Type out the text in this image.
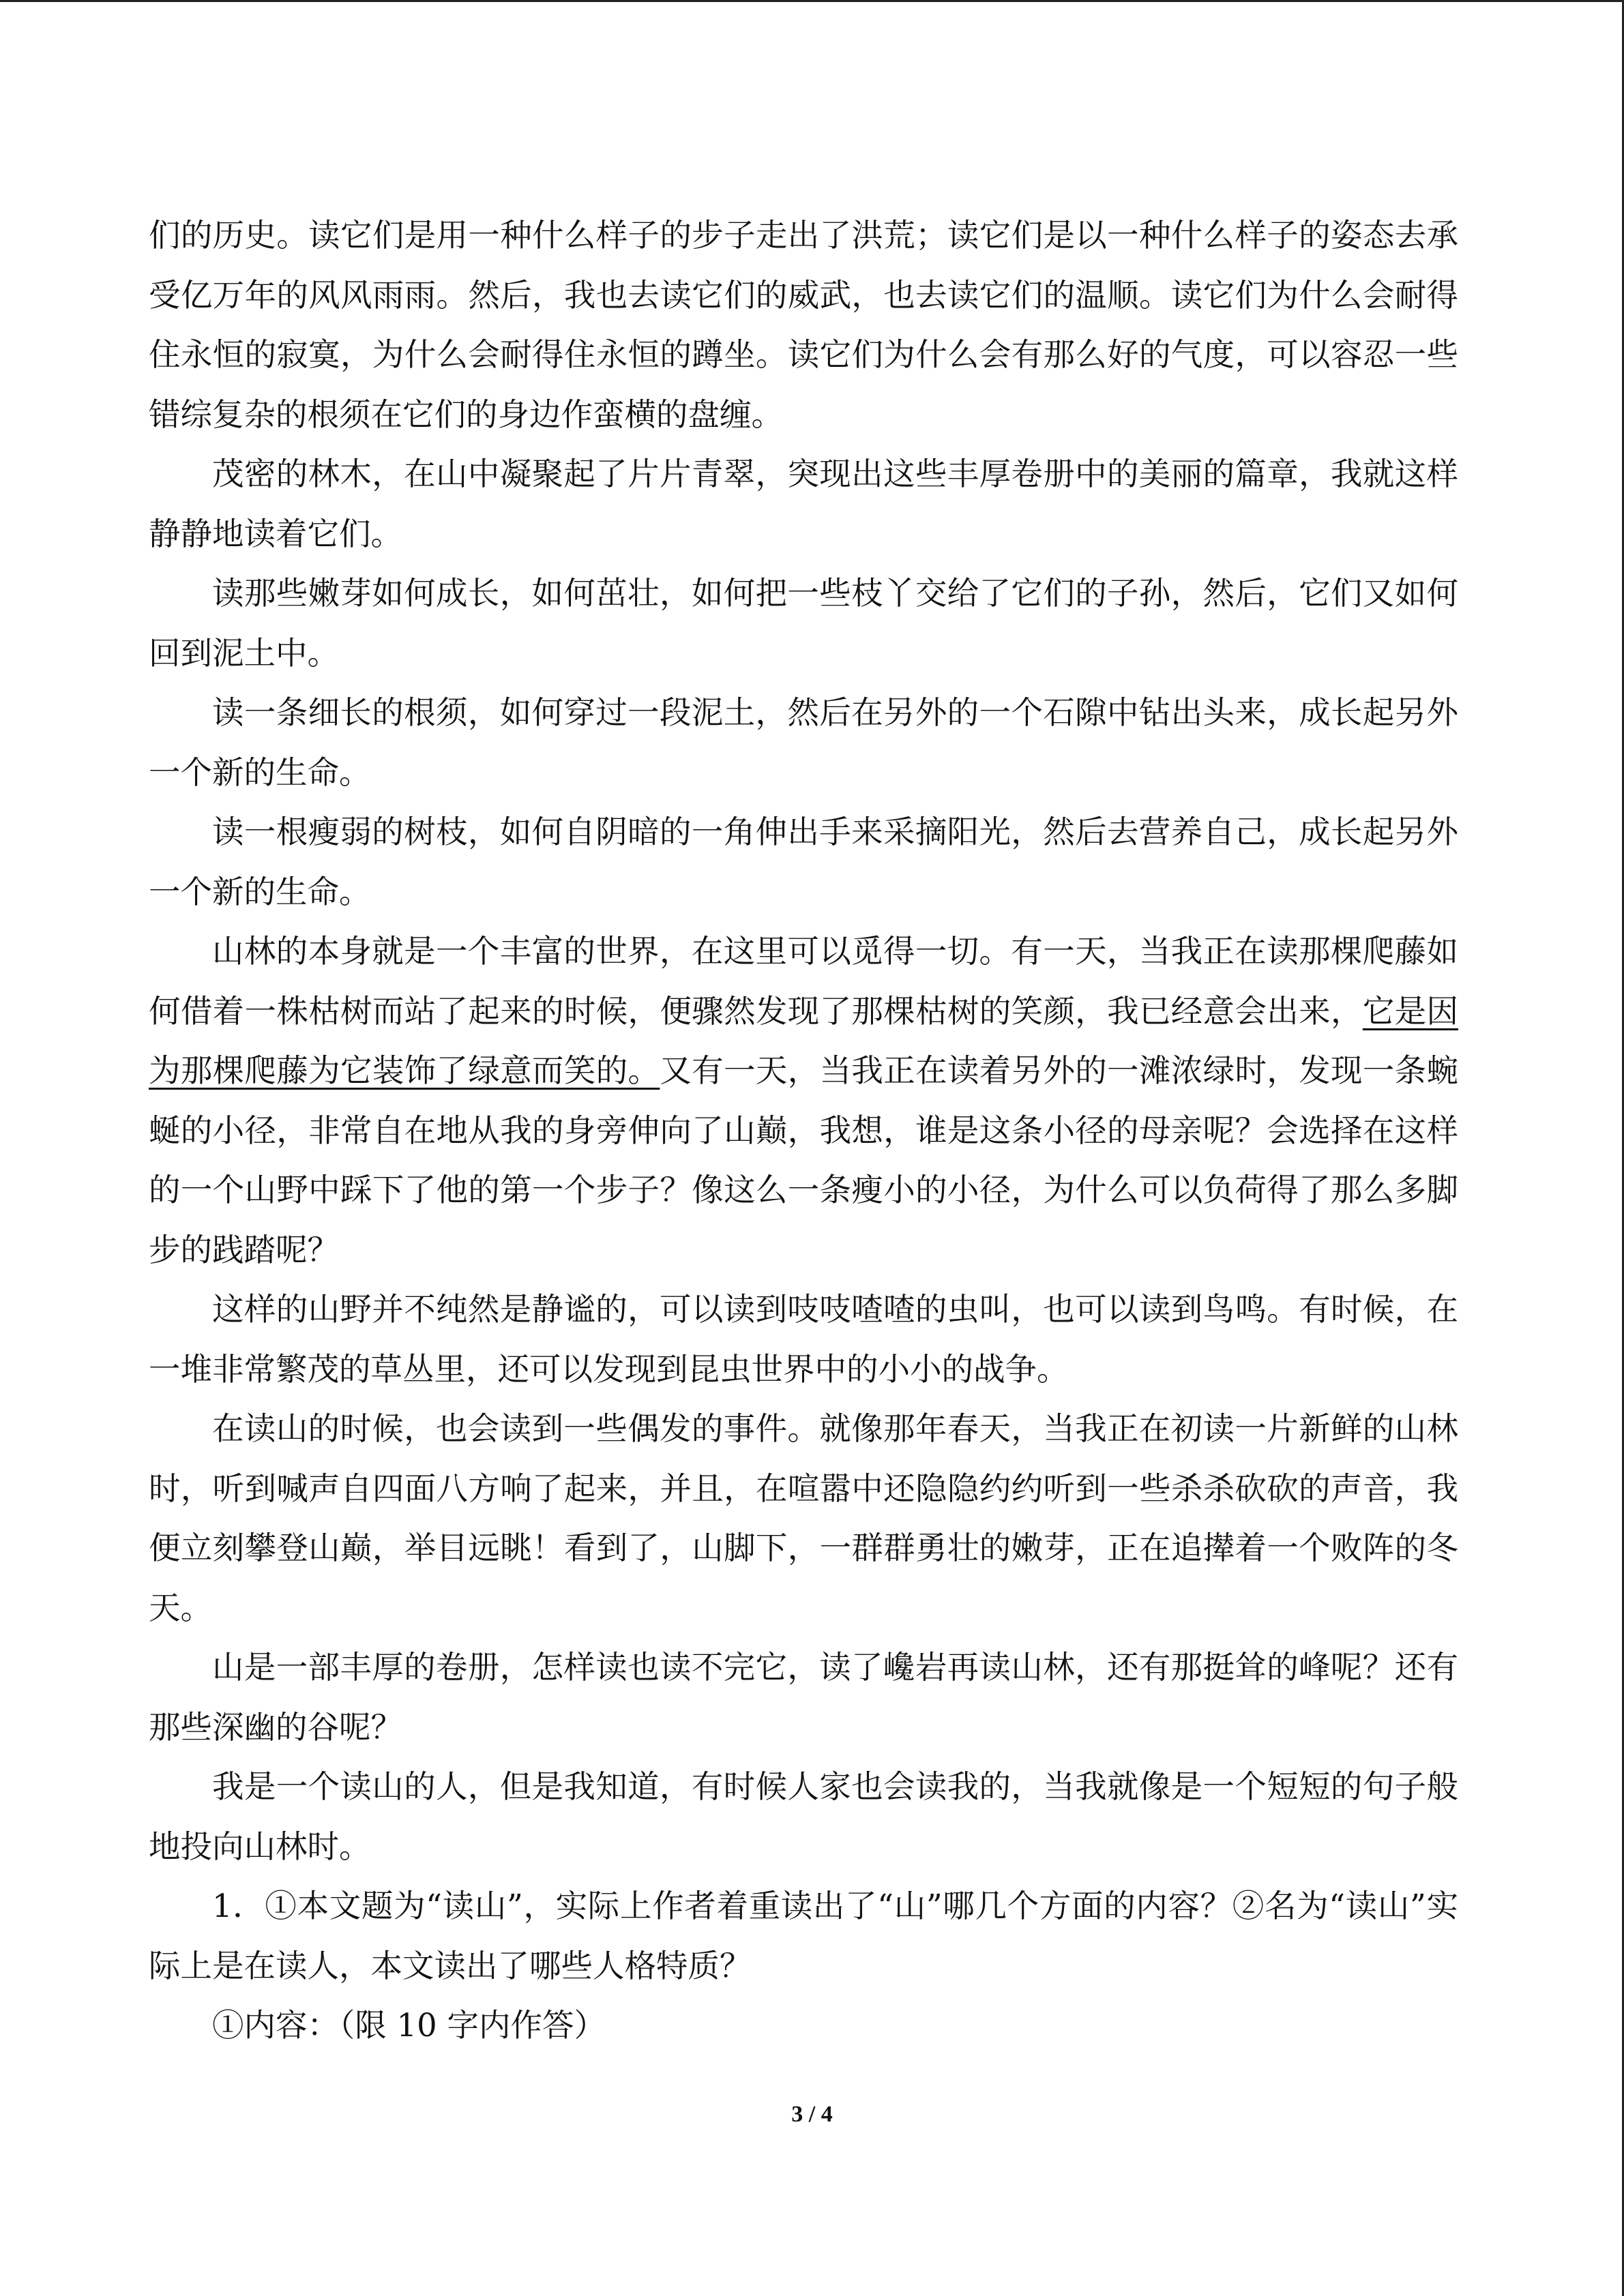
们的历史。读它们是用一种什么样子的步子走出了洪荒；读它们是以一种什么样子的姿态去承受亿万年的风风雨雨。然后，我也去读它们的威武，也去读它们的温顺。读它们为什么会耐得住永恒的寂寞，为什么会耐得住永恒的蹲坐。读它们为什么会有那么好的气度，可以容忍一些错综复杂的根须在它们的身边作蛮横的盘缠。

茂密的林木，在山中凝聚起了片片青翠，突现出这些丰厚卷册中的美丽的篇章，我就这样静静地读着它们。

读那些嫩芽如何成长，如何茁壮，如何把一些枝丫交给了它们的子孙，然后，它们又如何回到泥土中。

读一条细长的根须，如何穿过一段泥土，然后在另外的一个石隙中钻出头来，成长起另外一个新的生命。

读一根瘦弱的树枝，如何自阴暗的一角伸出手来采摘阳光，然后去营养自己，成长起另外一个新的生命。

山林的本身就是一个丰富的世界，在这里可以觅得一切。有一天，当我正在读那棵爬藤如何借着一株枯树而站了起来的时候，便骤然发现了那棵枯树的笑颜，我已经意会出来，它是因为那棵爬藤为它装饰了绿意而笑的。又有一天，当我正在读着另外的一滩浓绿时，发现一条蜿蜒的小径，非常自在地从我的身旁伸向了山巅，我想，谁是这条小径的母亲呢？会选择在这样的一个山野中踩下了他的第一个步子？像这么一条瘦小的小径，为什么可以负荷得了那么多脚步的践踏呢？

这样的山野并不纯然是静谧的，可以读到吱吱喳喳的虫叫，也可以读到鸟鸣。有时候，在一堆非常繁茂的草丛里，还可以发现到昆虫世界中的小小的战争。

在读山的时候，也会读到一些偶发的事件。就像那年春天，当我正在初读一片新鲜的山林时，听到喊声自四面八方响了起来，并且，在喧嚣中还隐隐约约听到一些杀杀砍砍的声音，我便立刻攀登山巅，举目远眺！看到了，山脚下，一群群勇壮的嫩芽，正在追撵着一个败阵的冬天。

山是一部丰厚的卷册，怎样读也读不完它，读了巉岩再读山林，还有那挺耸的峰呢？还有那些深幽的谷呢？

我是一个读山的人，但是我知道，有时候人家也会读我的，当我就像是一个短短的句子般地投向山林时。

1．①本文题为“读山”，实际上作者着重读出了“山”哪几个方面的内容？②名为“读山”实际上是在读人，本文读出了哪些人格特质？

①内容：（限 10 字内作答）

3 / 4
